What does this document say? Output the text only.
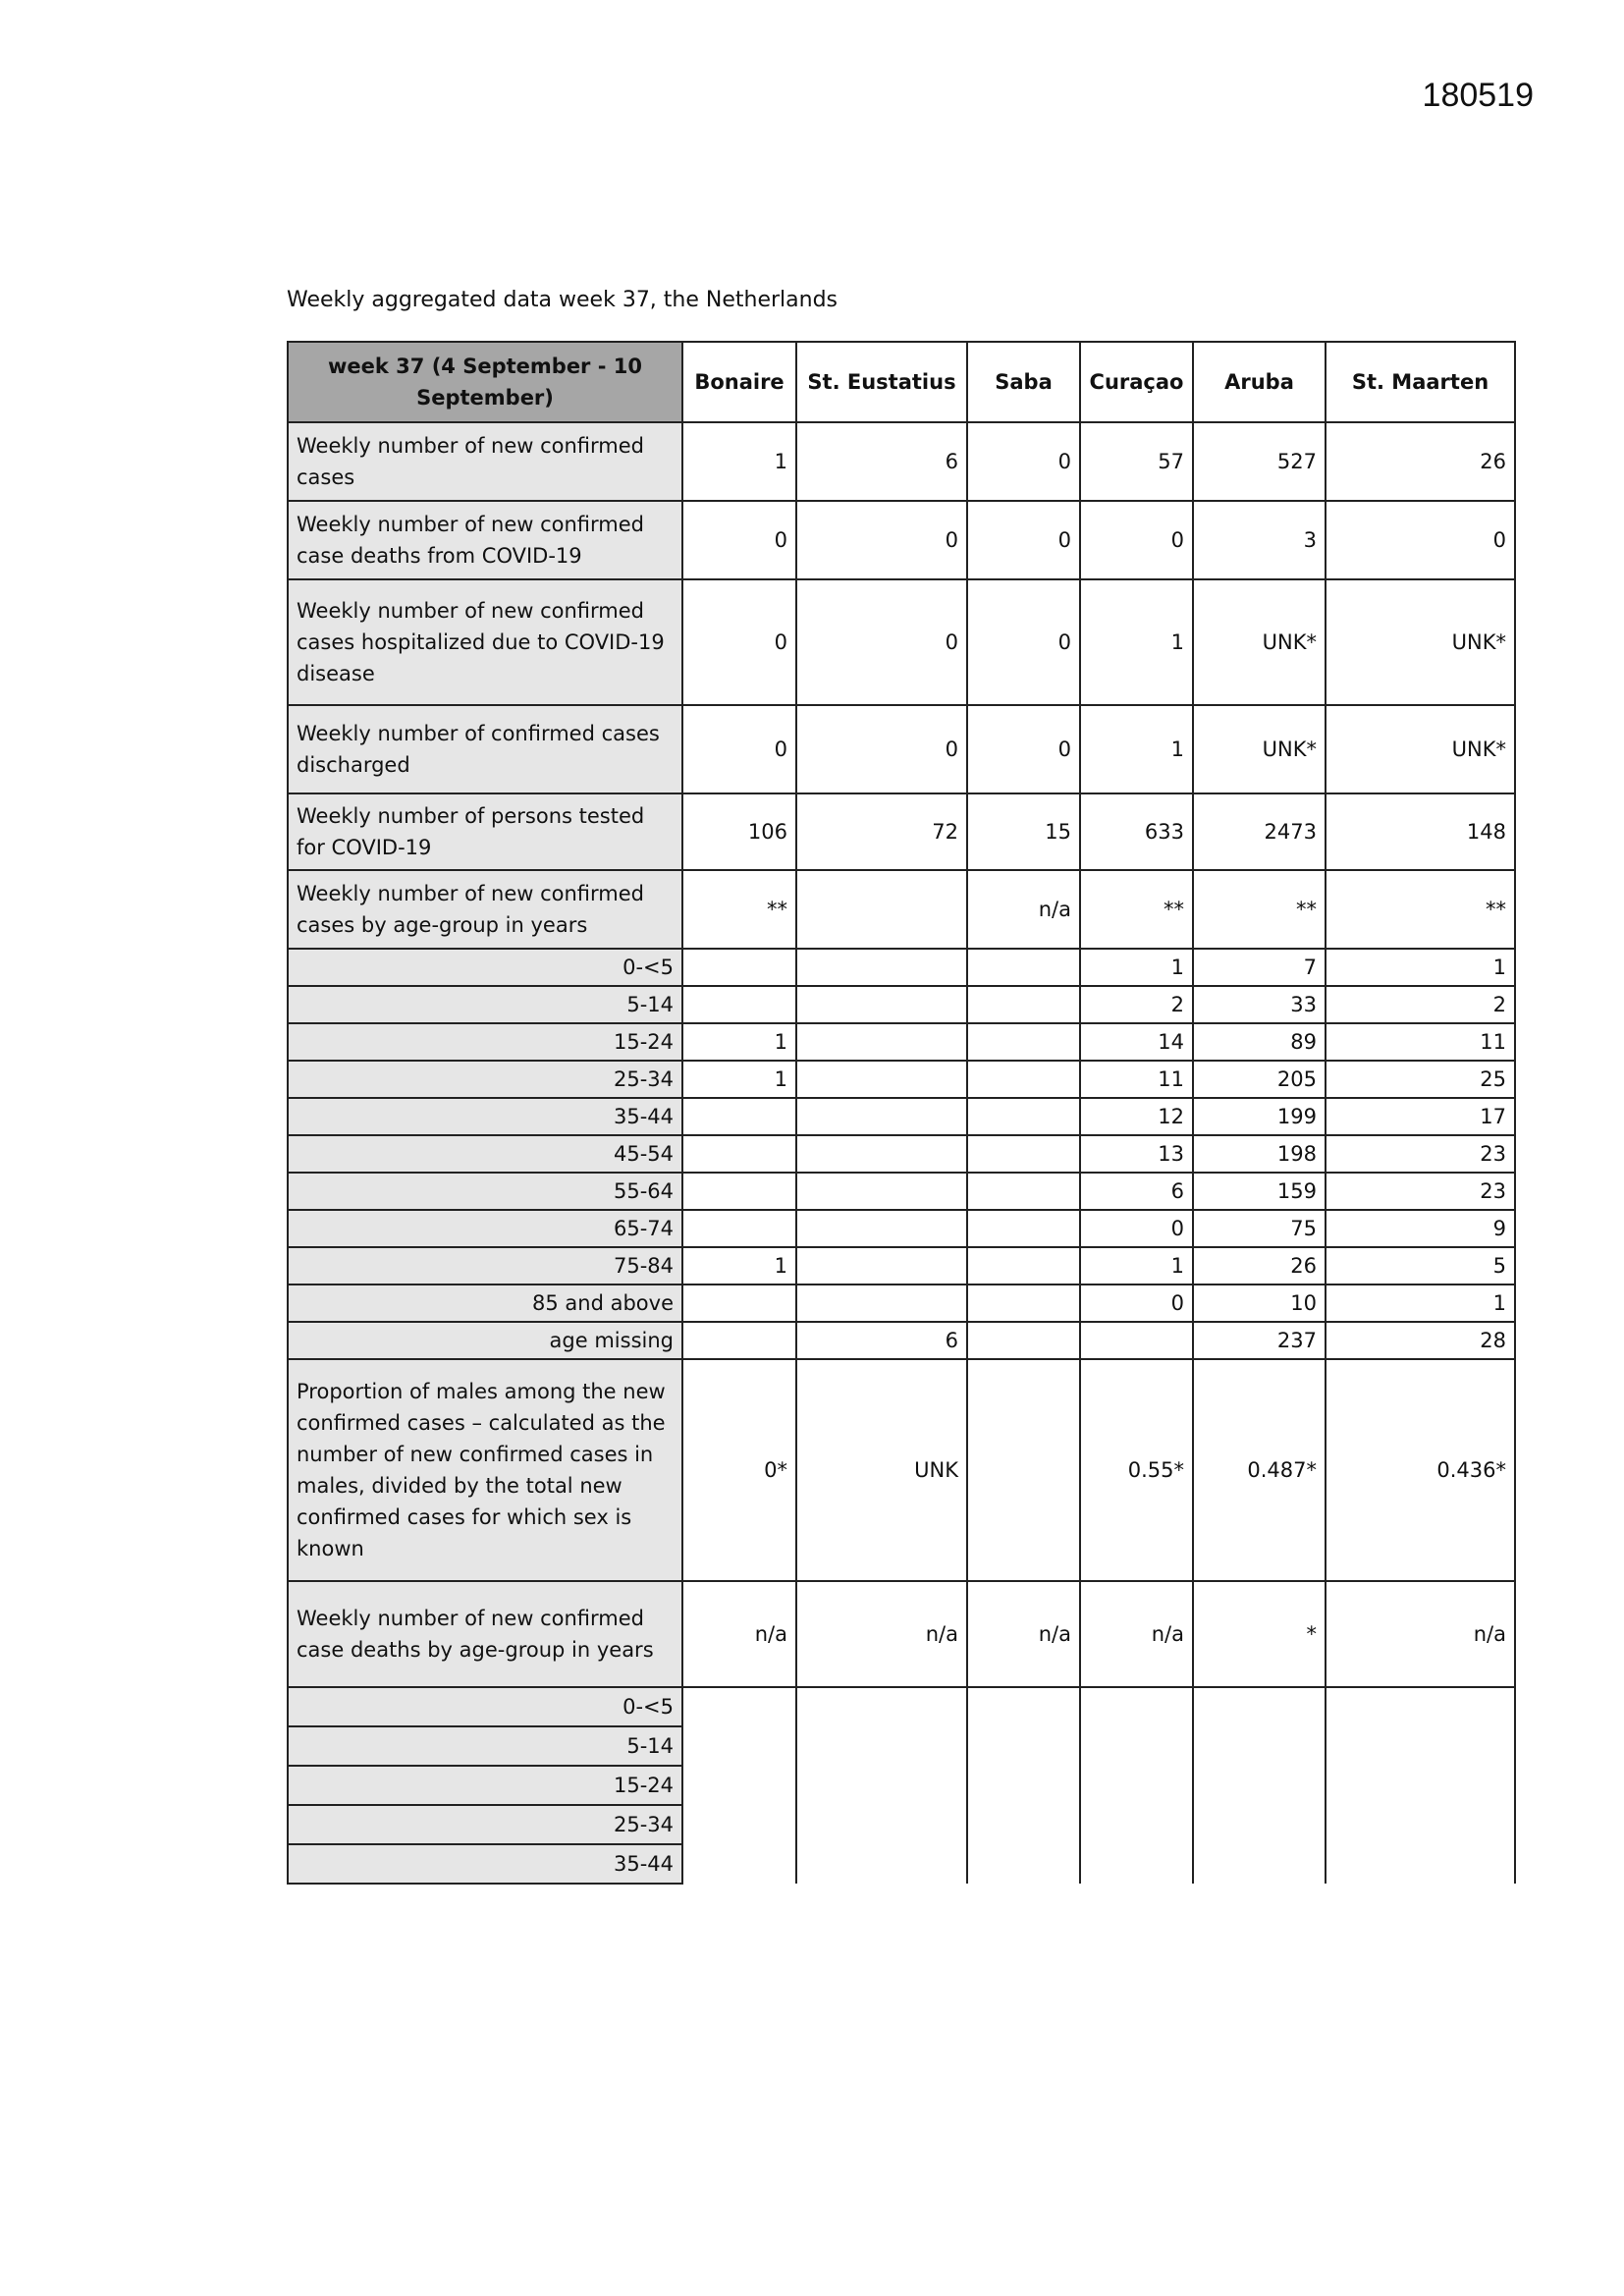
180519
Weekly aggregated data week 37, the Netherlands
week 37 (4 September - 10 September)	Bonaire	St. Eustatius	Saba	Curaçao	Aruba	St. Maarten
Weekly number of new confirmed cases	1	6	0	57	527	26
Weekly number of new confirmed case deaths from COVID-19	0	0	0	0	3	0
Weekly number of new confirmed cases hospitalized due to COVID-19 disease	0	0	0	1	UNK*	UNK*
Weekly number of confirmed cases discharged	0	0	0	1	UNK*	UNK*
Weekly number of persons tested for COVID-19	106	72	15	633	2473	148
Weekly number of new confirmed cases by age-group in years	**		n/a	**	**	**
0-<5				1	7	1
5-14				2	33	2
15-24	1			14	89	11
25-34	1			11	205	25
35-44				12	199	17
45-54				13	198	23
55-64				6	159	23
65-74				0	75	9
75-84	1			1	26	5
85 and above				0	10	1
age missing		6			237	28
Proportion of males among the new confirmed cases – calculated as the number of new confirmed cases in males, divided by the total new confirmed cases for which sex is known	0*	UNK		0.55*	0.487*	0.436*
Weekly number of new confirmed case deaths by age-group in years	n/a	n/a	n/a	n/a	*	n/a
0-<5						
5-14						
15-24						
25-34						
35-44						
